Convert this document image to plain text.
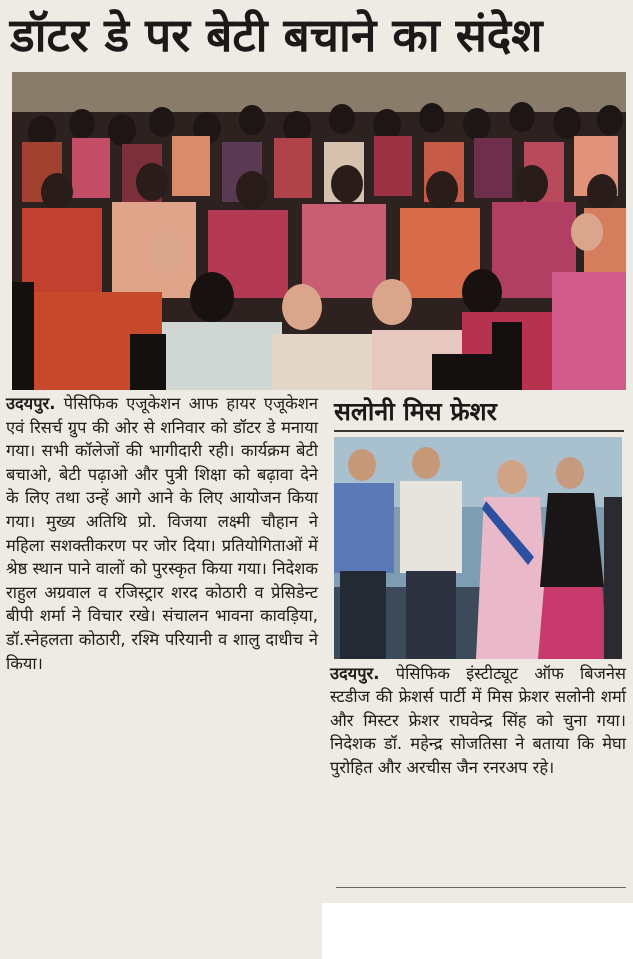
डॉटर डे पर बेटी बचाने का संदेश

उदयपुर. पेसिफिक एजूकेशन आफ हायर एजूकेशन एवं रिसर्च ग्रुप की ओर से शनिवार को डॉटर डे मनाया गया। सभी कॉलेजों की भागीदारी रही। कार्यक्रम बेटी बचाओ, बेटी पढ़ाओ और पुत्री शिक्षा को बढ़ावा देने के लिए तथा उन्हें आगे आने के लिए आयोजन किया गया। मुख्य अतिथि प्रो. विजया लक्ष्मी चौहान ने महिला सशक्तीकरण पर जोर दिया। प्रतियोगिताओं में श्रेष्ठ स्थान पाने वालों को पुरस्कृत किया गया। निदेशक राहुल अग्रवाल व रजिस्ट्रार शरद कोठारी व प्रेसिडेन्ट बीपी शर्मा ने विचार रखे। संचालन भावना कावड़िया, डॉ.स्नेहलता कोठारी, रश्मि परियानी व शालु दाधीच ने किया।

सलोनी मिस फ्रेशर

उदयपुर. पेसिफिक इंस्टीट्यूट ऑफ बिजनेस स्टडीज की फ्रेशर्स पार्टी में मिस फ्रेशर सलोनी शर्मा और मिस्टर फ्रेशर राघवेन्द्र सिंह को चुना गया। निदेशक डॉ. महेन्द्र सोजतिसा ने बताया कि मेघा पुरोहित और अरचीस जैन रनरअप रहे।
